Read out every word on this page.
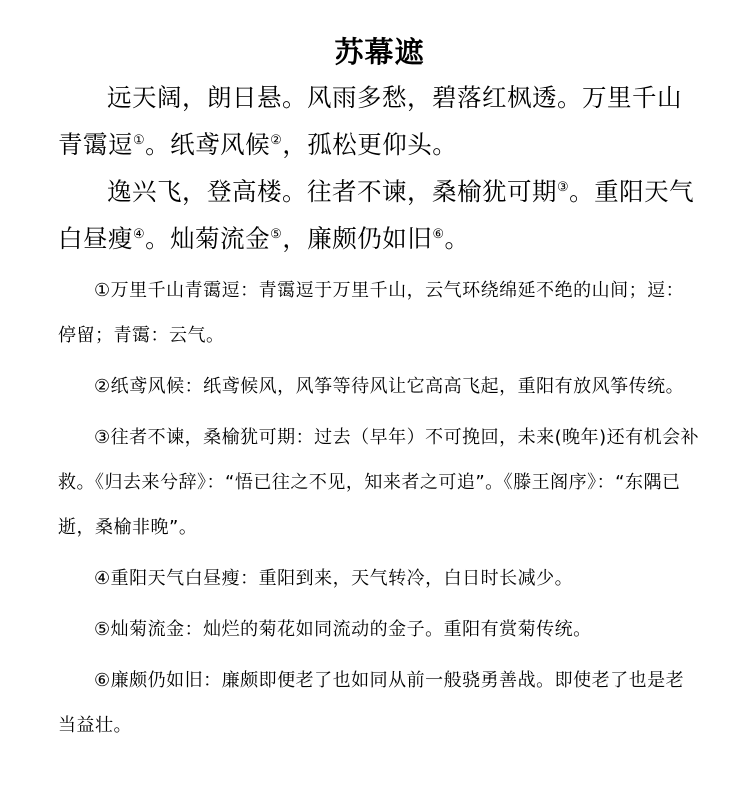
苏幕遮

远天阔，朗日悬。风雨多愁，碧落红枫透。万里千山青霭逗①。纸鸢风候②，孤松更仰头。

逸兴飞，登高楼。往者不谏，桑榆犹可期③。重阳天气白昼瘦④。灿菊流金⑤，廉颇仍如旧⑥。

①万里千山青霭逗：青霭逗于万里千山，云气环绕绵延不绝的山间；逗：停留；青霭：云气。

②纸鸢风候：纸鸢候风，风筝等待风让它高高飞起，重阳有放风筝传统。

③往者不谏，桑榆犹可期：过去（早年）不可挽回，未来(晚年)还有机会补救。《归去来兮辞》：“悟已往之不见，知来者之可追”。《滕王阁序》：“东隅已逝，桑榆非晚”。

④重阳天气白昼瘦：重阳到来，天气转冷，白日时长减少。

⑤灿菊流金：灿烂的菊花如同流动的金子。重阳有赏菊传统。

⑥廉颇仍如旧：廉颇即便老了也如同从前一般骁勇善战。即使老了也是老当益壮。
